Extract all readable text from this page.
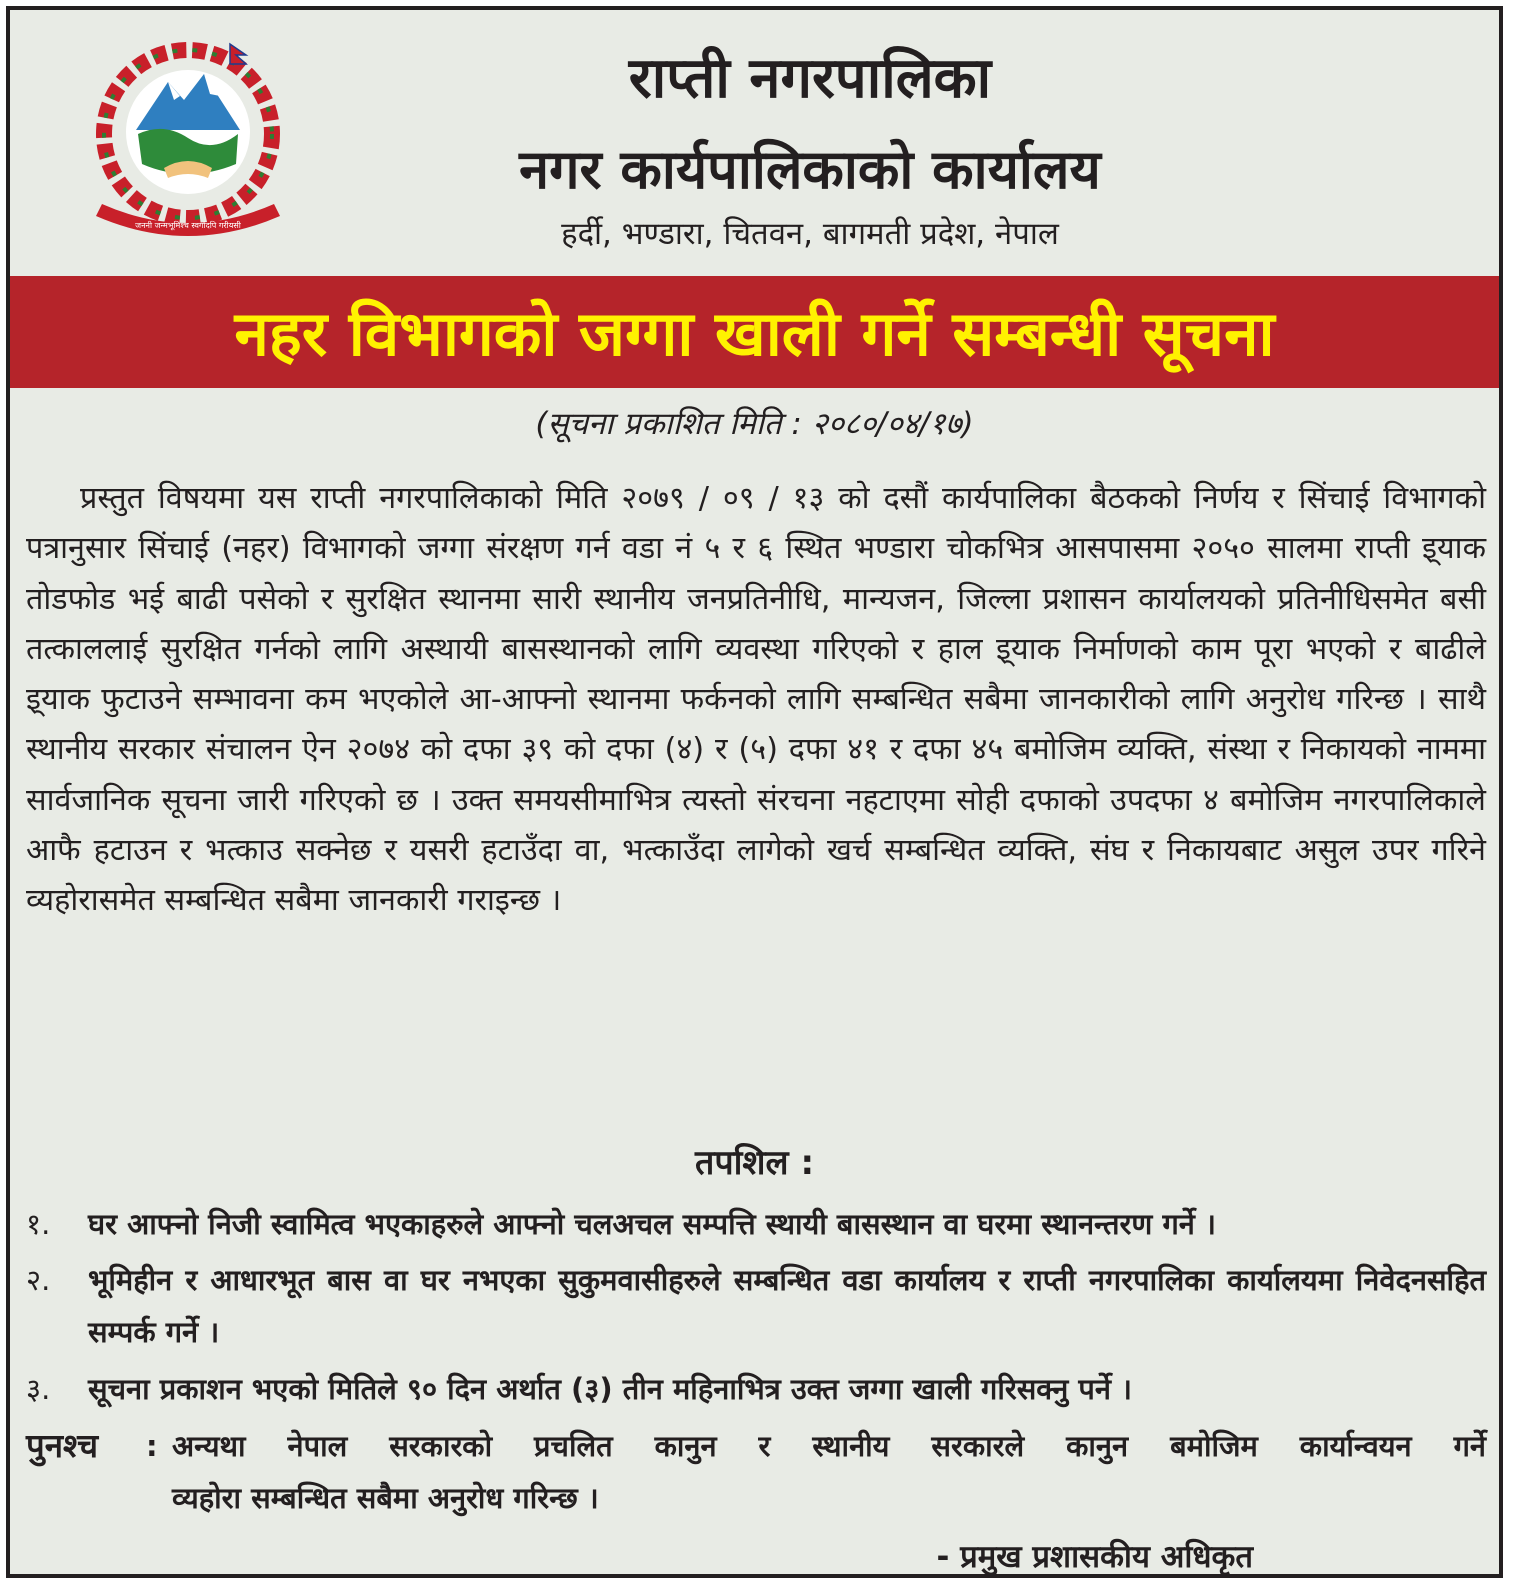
जननी जन्मभूमिश्च स्वर्गादपि गरीयसी
राप्ती नगरपालिका
नगर कार्यपालिकाको कार्यालय
हर्दी, भण्डारा, चितवन, बागमती प्रदेश, नेपाल
नहर विभागको जग्गा खाली गर्ने सम्बन्धी सूचना
(सूचना प्रकाशित मिति : २०८०/०४/१७)

प्रस्तुत विषयमा यस राप्ती नगरपालिकाको मिति २०७९ / ०९ / १३ को दसौं कार्यपालिका बैठकको निर्णय र सिंचाई विभागको पत्रानुसार सिंचाई (नहर) विभागको जग्गा संरक्षण गर्न वडा नं ५ र ६ स्थित भण्डारा चोकभित्र आसपासमा २०५० सालमा राप्ती इ्याक तोडफोड भई बाढी पसेको र सुरक्षित स्थानमा सारी स्थानीय जनप्रतिनीधि, मान्यजन, जिल्ला प्रशासन कार्यालयको प्रतिनीधिसमेत बसी तत्काललाई सुरक्षित गर्नको लागि अस्थायी बासस्थानको लागि व्यवस्था गरिएको र हाल इ्याक निर्माणको काम पूरा भएको र बाढीले इ्याक फुटाउने सम्भावना कम भएकोले आ-आफ्नो स्थानमा फर्कनको लागि सम्बन्धित सबैमा जानकारीको लागि अनुरोध गरिन्छ । साथै स्थानीय सरकार संचालन ऐन २०७४ को दफा ३९ को दफा (४) र (५) दफा ४१ र दफा ४५ बमोजिम व्यक्ति, संस्था र निकायको नाममा सार्वजानिक सूचना जारी गरिएको छ । उक्त समयसीमाभित्र त्यस्तो संरचना नहटाएमा सोही दफाको उपदफा ४ बमोजिम नगरपालिकाले आफै हटाउन र भत्काउ सक्नेछ र यसरी हटाउँदा वा, भत्काउँदा लागेको खर्च सम्बन्धित व्यक्ति, संघ र निकायबाट असुल उपर गरिने व्यहोरासमेत सम्बन्धित सबैमा जानकारी गराइन्छ ।

तपशिल :
१.	घर आफ्नो निजी स्वामित्व भएकाहरुले आफ्नो चलअचल सम्पत्ति स्थायी बासस्थान वा घरमा स्थानन्तरण गर्ने ।
२.	भूमिहीन र आधारभूत बास वा घर नभएका सुकुमवासीहरुले सम्बन्धित वडा कार्यालय र राप्ती नगरपालिका कार्यालयमा निवेदनसहित सम्पर्क गर्ने ।
३.	सूचना प्रकाशन भएको मितिले ९० दिन अर्थात (३) तीन महिनाभित्र उक्त जग्गा खाली गरिसक्नु पर्ने ।
पुनश्च : अन्यथा नेपाल सरकारको प्रचलित कानुन र स्थानीय सरकारले कानुन बमोजिम कार्यान्वयन गर्ने
व्यहोरा सम्बन्धित सबैमा अनुरोध गरिन्छ ।
- प्रमुख प्रशासकीय अधिकृत
